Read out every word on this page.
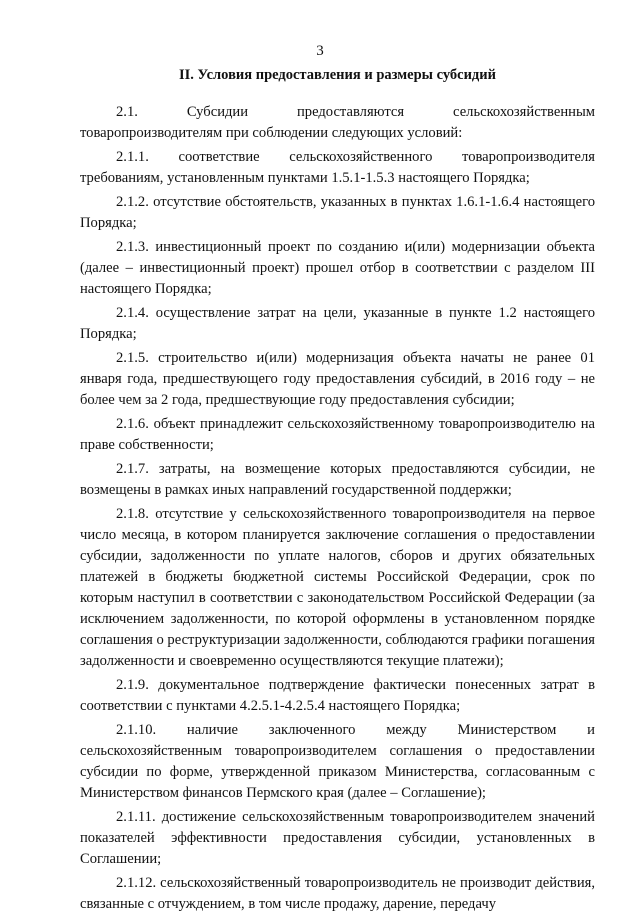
3
II. Условия предоставления и размеры субсидий

2.1. Субсидии предоставляются сельскохозяйственным товаропроизводителям при соблюдении следующих условий:

2.1.1. соответствие сельскохозяйственного товаропроизводителя требованиям, установленным пунктами 1.5.1-1.5.3 настоящего Порядка;

2.1.2. отсутствие обстоятельств, указанных в пунктах 1.6.1-1.6.4 настоящего Порядка;

2.1.3. инвестиционный проект по созданию и(или) модернизации объекта (далее – инвестиционный проект) прошел отбор в соответствии с разделом III настоящего Порядка;

2.1.4. осуществление затрат на цели, указанные в пункте 1.2 настоящего Порядка;

2.1.5. строительство и(или) модернизация объекта начаты не ранее 01 января года, предшествующего году предоставления субсидий, в 2016 году – не более чем за 2 года, предшествующие году предоставления субсидии;

2.1.6. объект принадлежит сельскохозяйственному товаропроизводителю на праве собственности;

2.1.7. затраты, на возмещение которых предоставляются субсидии, не возмещены в рамках иных направлений государственной поддержки;

2.1.8. отсутствие у сельскохозяйственного товаропроизводителя на первое число месяца, в котором планируется заключение соглашения о предоставлении субсидии, задолженности по уплате налогов, сборов и других обязательных платежей в бюджеты бюджетной системы Российской Федерации, срок по которым наступил в соответствии с законодательством Российской Федерации (за исключением задолженности, по которой оформлены в установленном порядке соглашения о реструктуризации задолженности, соблюдаются графики погашения задолженности и своевременно осуществляются текущие платежи);

2.1.9. документальное подтверждение фактически понесенных затрат в соответствии с пунктами 4.2.5.1-4.2.5.4 настоящего Порядка;

2.1.10. наличие заключенного между Министерством и сельскохозяйственным товаропроизводителем соглашения о предоставлении субсидии по форме, утвержденной приказом Министерства, согласованным с Министерством финансов Пермского края (далее – Соглашение);

2.1.11. достижение сельскохозяйственным товаропроизводителем значений показателей эффективности предоставления субсидии, установленных в Соглашении;

2.1.12. сельскохозяйственный товаропроизводитель не производит действия, связанные с отчуждением, в том числе продажу, дарение, передачу
